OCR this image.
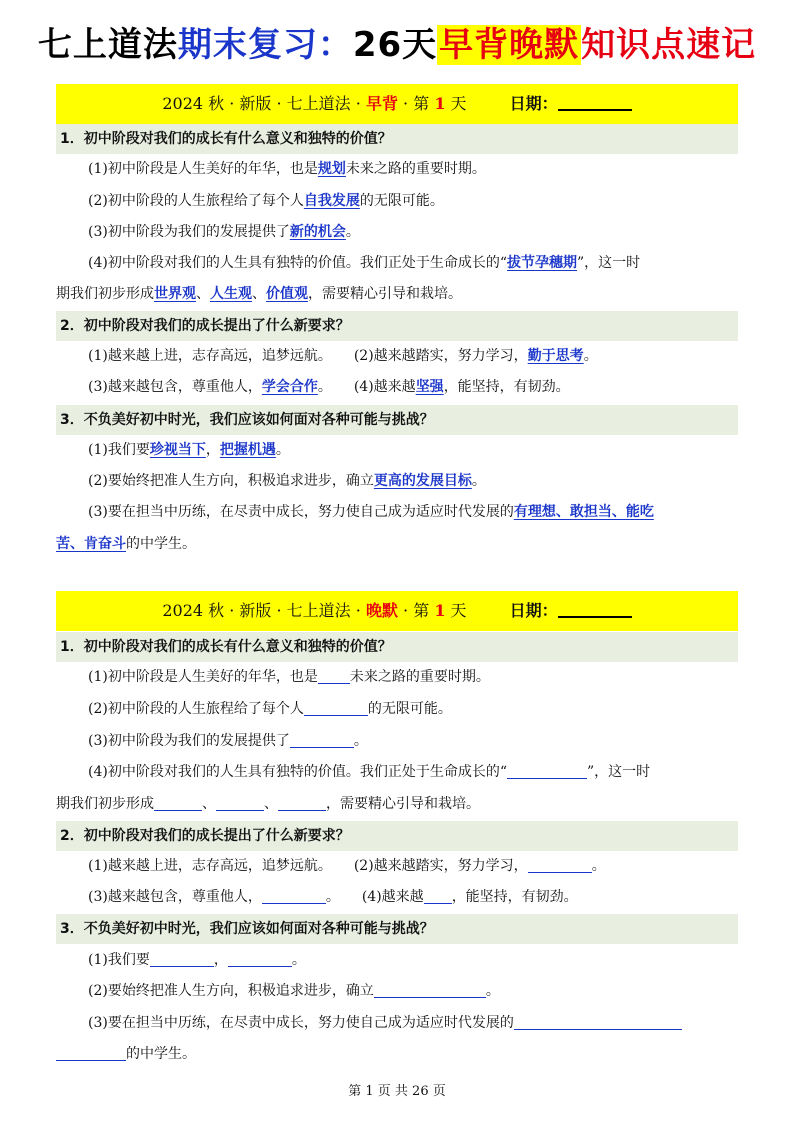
七上道法期末复习：26天早背晚默知识点速记
2024 秋 · 新版 · 七上道法 · 早背 · 第 1 天	日期：
1．初中阶段对我们的成长有什么意义和独特的价值？
(1)初中阶段是人生美好的年华，也是规划未来之路的重要时期。
(2)初中阶段的人生旅程给了每个人自我发展的无限可能。
(3)初中阶段为我们的发展提供了新的机会。
(4)初中阶段对我们的人生具有独特的价值。我们正处于生命成长的“拔节孕穗期”，这一时
期我们初步形成世界观、人生观、价值观，需要精心引导和栽培。
2．初中阶段对我们的成长提出了什么新要求？
(1)越来越上进，志存高远，追梦远航。 (2)越来越踏实，努力学习，勤于思考。
(3)越来越包含，尊重他人，学会合作。 (4)越来越坚强，能坚持，有韧劲。
3．不负美好初中时光，我们应该如何面对各种可能与挑战？
(1)我们要珍视当下，把握机遇。
(2)要始终把准人生方向，积极追求进步，确立更高的发展目标。
(3)要在担当中历练，在尽责中成长，努力使自己成为适应时代发展的有理想、敢担当、能吃
苦、肯奋斗的中学生。
2024 秋 · 新版 · 七上道法 · 晚默 · 第 1 天	日期：
1．初中阶段对我们的成长有什么意义和独特的价值？
(1)初中阶段是人生美好的年华，也是 未来之路的重要时期。
(2)初中阶段的人生旅程给了每个人	的无限可能。
(3)初中阶段为我们的发展提供了	。
(4)初中阶段对我们的人生具有独特的价值。我们正处于生命成长的“	”，这一时
期我们初步形成	、	、	，需要精心引导和栽培。
2．初中阶段对我们的成长提出了什么新要求？
(1)越来越上进，志存高远，追梦远航。 (2)越来越踏实，努力学习，	。
(3)越来越包含，尊重他人，	。 (4)越来越 ，能坚持，有韧劲。
3．不负美好初中时光，我们应该如何面对各种可能与挑战？
(1)我们要	，	。
(2)要始终把准人生方向，积极追求进步，确立	。
(3)要在担当中历练，在尽责中成长，努力使自己成为适应时代发展的
的中学生。
第 1 页 共 26 页
